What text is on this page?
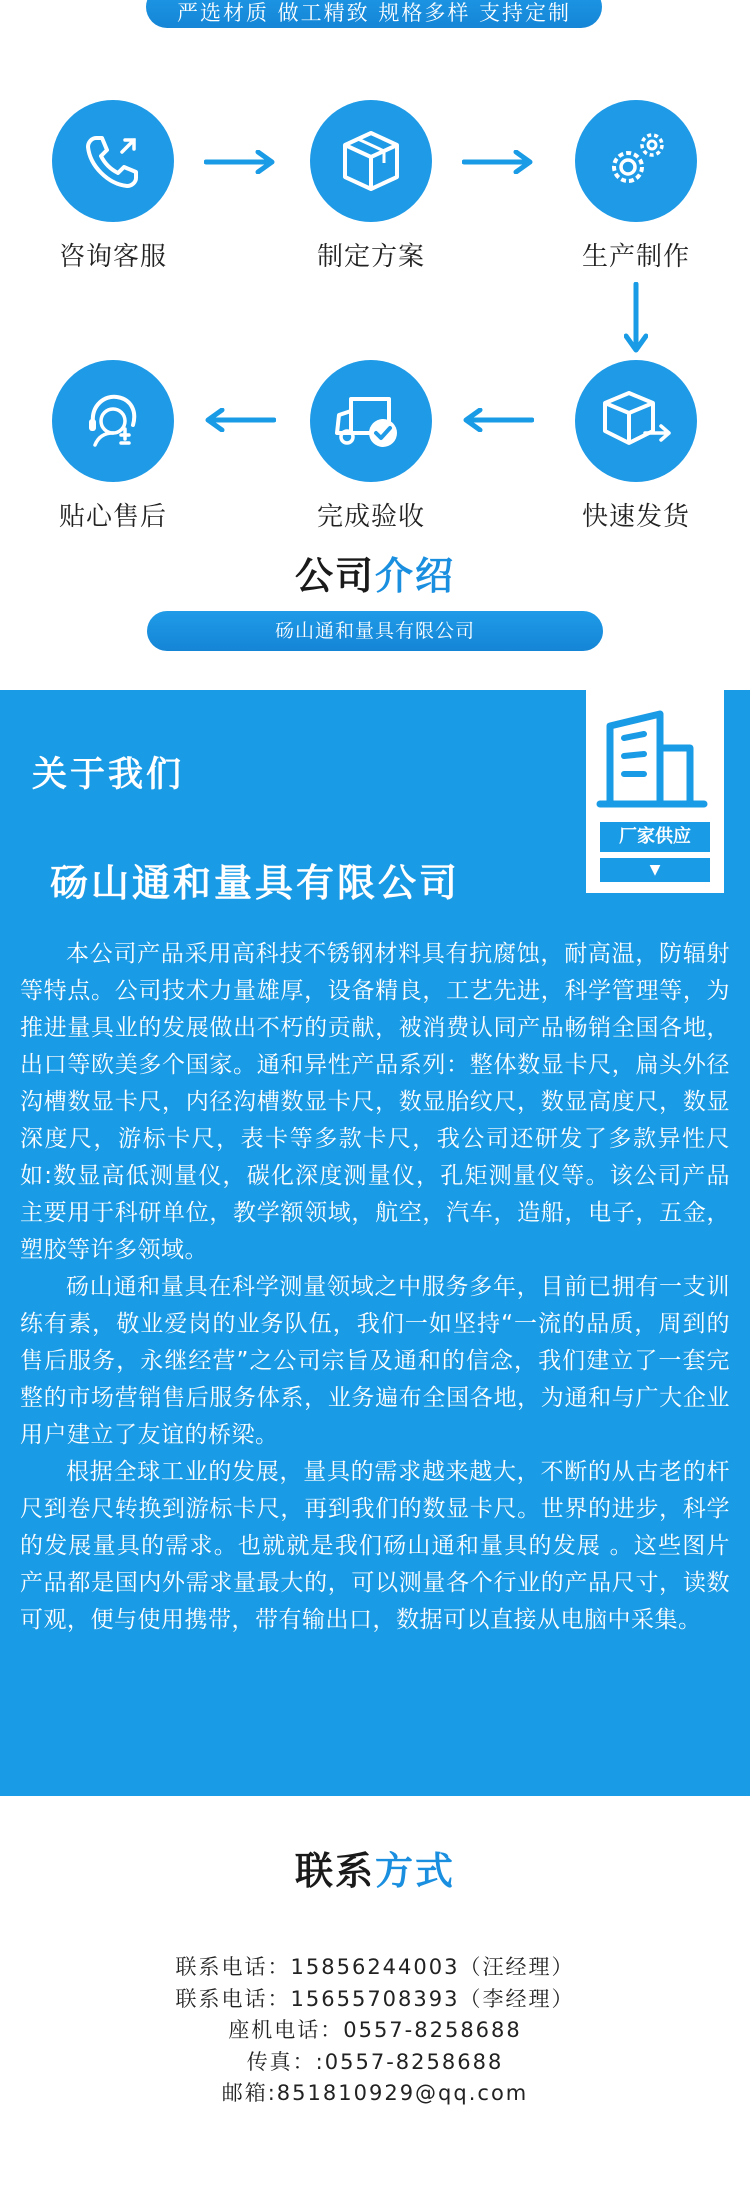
严选材质 做工精致 规格多样 支持定制
咨询客服	制定方案	生产制作
快速发货
完成验收
贴心售后
公司介绍
砀山通和量具有限公司
关于我们
厂家供应
▼
砀山通和量具有限公司

本公司产品采用高科技不锈钢材料具有抗腐蚀，耐高温，防辐射等特点。公司技术力量雄厚，设备精良，工艺先进，科学管理等，为推进量具业的发展做出不朽的贡献，被消费认同产品畅销全国各地，出口等欧美多个国家。通和异性产品系列：整体数显卡尺，扁头外径沟槽数显卡尺，内径沟槽数显卡尺，数显胎纹尺，数显高度尺，数显深度尺，游标卡尺，表卡等多款卡尺，我公司还研发了多款异性尺如:数显高低测量仪，碳化深度测量仪，孔矩测量仪等。该公司产品主要用于科研单位，教学额领域，航空，汽车，造船，电子，五金，塑胶等许多领域。

砀山通和量具在科学测量领域之中服务多年，目前已拥有一支训练有素，敬业爱岗的业务队伍，我们一如坚持“一流的品质，周到的售后服务，永继经营”之公司宗旨及通和的信念，我们建立了一套完整的市场营销售后服务体系，业务遍布全国各地，为通和与广大企业用户建立了友谊的桥梁。

根据全球工业的发展，量具的需求越来越大，不断的从古老的杆尺到卷尺转换到游标卡尺，再到我们的数显卡尺。世界的进步，科学的发展量具的需求。也就就是我们砀山通和量具的发展 。这些图片产品都是国内外需求量最大的，可以测量各个行业的产品尺寸，读数可观，便与使用携带，带有输出口，数据可以直接从电脑中采集。

联系方式
联系电话：15856244003（汪经理）
联系电话：15655708393（李经理）
座机电话：0557-8258688
传真：:0557-8258688
邮箱:851810929@qq.com
